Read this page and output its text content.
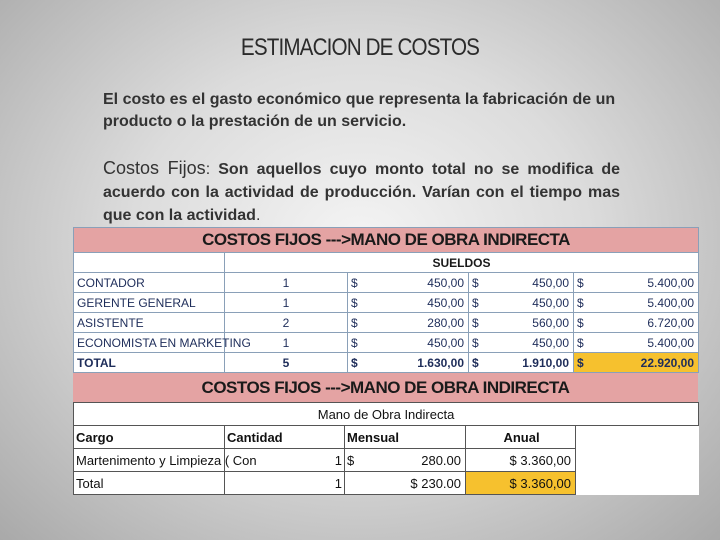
ESTIMACION DE COSTOS
El costo es el gasto económico que representa la fabricación de un producto o la prestación de un servicio.
Costos Fijos: Son aquellos cuyo monto total no se modifica de acuerdo con la actividad de producción. Varían con el tiempo mas que con la actividad.
COSTOS FIJOS --->MANO DE OBRA INDIRECTA							
	SUELDOS						
CONTADOR	1	$	450,00	$	450,00	$	5.400,00
GERENTE GENERAL	1	$	450,00	$	450,00	$	5.400,00
ASISTENTE	2	$	280,00	$	560,00	$	6.720,00
ECONOMISTA EN MARKETING	1	$	450,00	$	450,00	$	5.400,00
TOTAL	5	$	1.630,00	$	1.910,00	$	22.920,00
COSTOS FIJOS --->MANO DE OBRA INDIRECTA
Mano de Obra Indirecta					
Cargo	Cantidad	Mensual		Anual	
Martenimento y Limpieza ( Con	1	$	280.00	$ 3.360,00	
Total	1	$ 230.00		$ 3.360,00	
